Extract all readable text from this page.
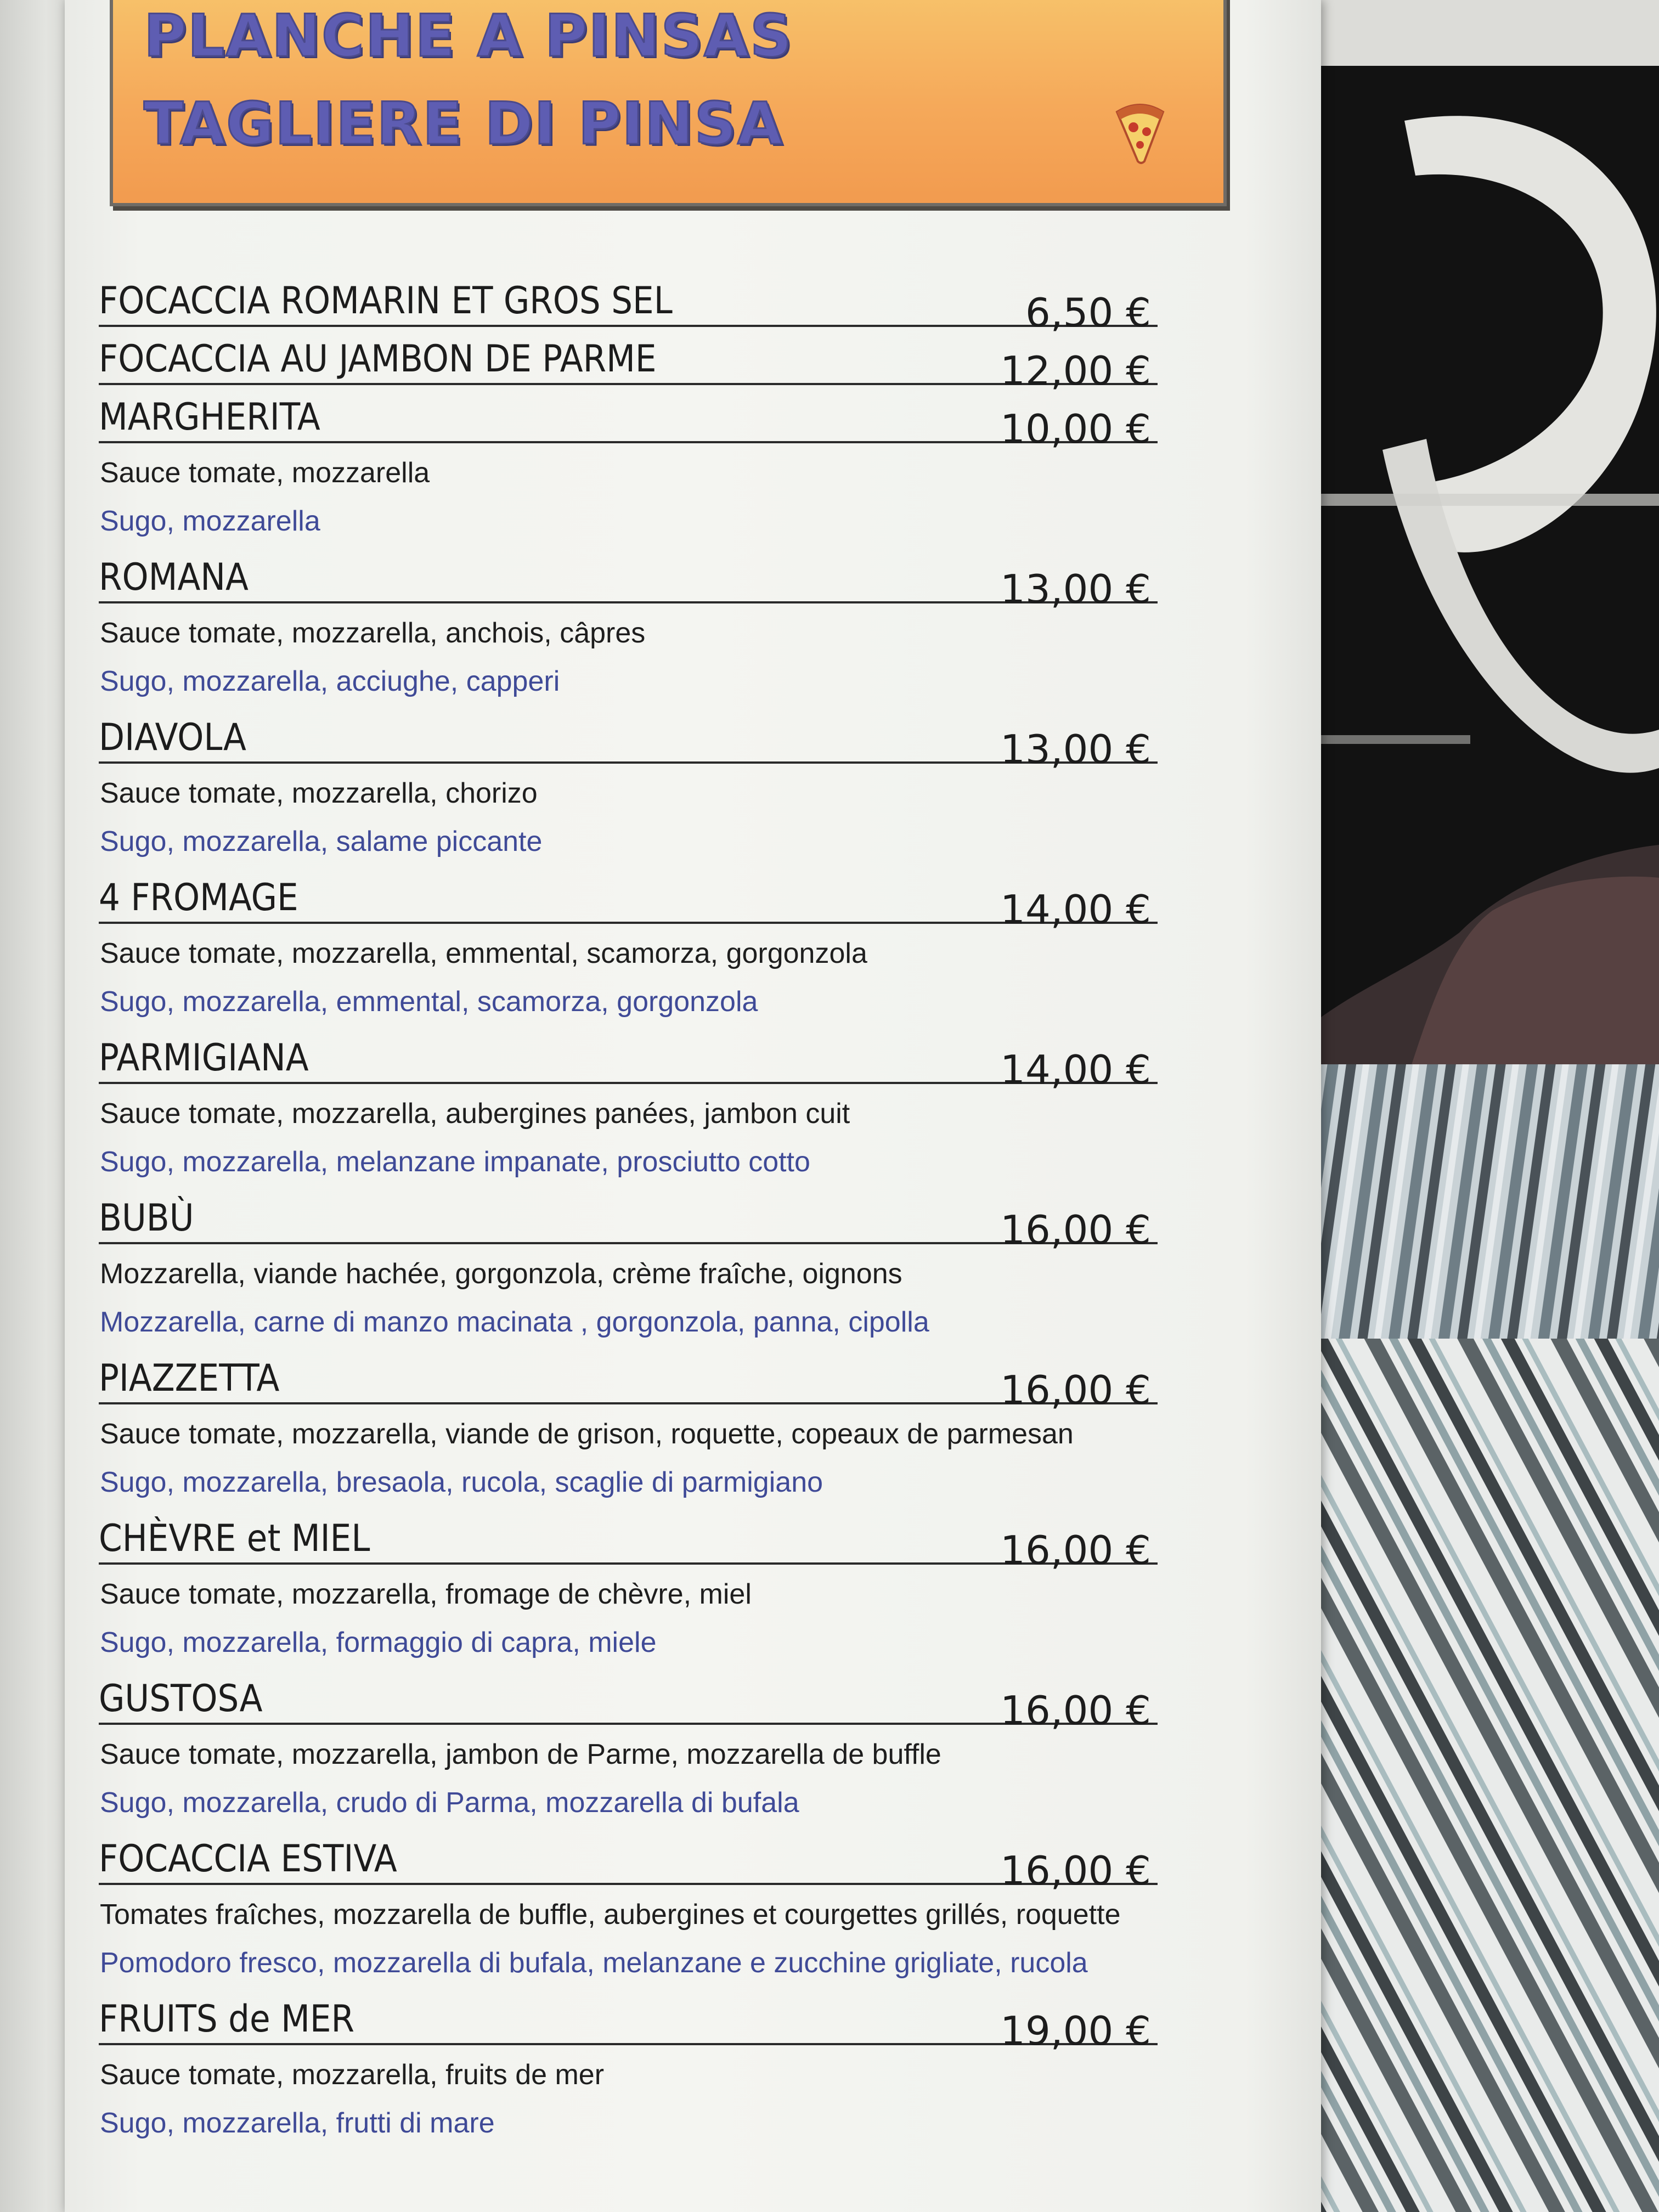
PLANCHE A PINSAS
TAGLIERE DI PINSA
FOCACCIA ROMARIN ET GROS SEL	6,50 €
FOCACCIA AU JAMBON DE PARME	12,00 €
MARGHERITA	10,00 €
Sauce tomate, mozzarella
Sugo, mozzarella
ROMANA	13,00 €
Sauce tomate, mozzarella, anchois, câpres
Sugo, mozzarella, acciughe, capperi
DIAVOLA	13,00 €
Sauce tomate, mozzarella, chorizo
Sugo, mozzarella, salame piccante
4 FROMAGE	14,00 €
Sauce tomate, mozzarella, emmental, scamorza, gorgonzola
Sugo, mozzarella, emmental, scamorza, gorgonzola
PARMIGIANA	14,00 €
Sauce tomate, mozzarella, aubergines panées, jambon cuit
Sugo, mozzarella, melanzane impanate, prosciutto cotto
BUBÙ	16,00 €
Mozzarella, viande hachée, gorgonzola, crème fraîche, oignons
Mozzarella, carne di manzo macinata , gorgonzola, panna, cipolla
PIAZZETTA	16,00 €
Sauce tomate, mozzarella, viande de grison, roquette, copeaux de parmesan
Sugo, mozzarella, bresaola, rucola, scaglie di parmigiano
CHÈVRE et MIEL	16,00 €
Sauce tomate, mozzarella, fromage de chèvre, miel
Sugo, mozzarella, formaggio di capra, miele
GUSTOSA	16,00 €
Sauce tomate, mozzarella, jambon de Parme, mozzarella de buffle
Sugo, mozzarella, crudo di Parma, mozzarella di bufala
FOCACCIA ESTIVA	16,00 €
Tomates fraîches, mozzarella de buffle, aubergines et courgettes grillés, roquette
Pomodoro fresco, mozzarella di bufala, melanzane e zucchine grigliate, rucola
FRUITS de MER	19,00 €
Sauce tomate, mozzarella, fruits de mer
Sugo, mozzarella, frutti di mare
